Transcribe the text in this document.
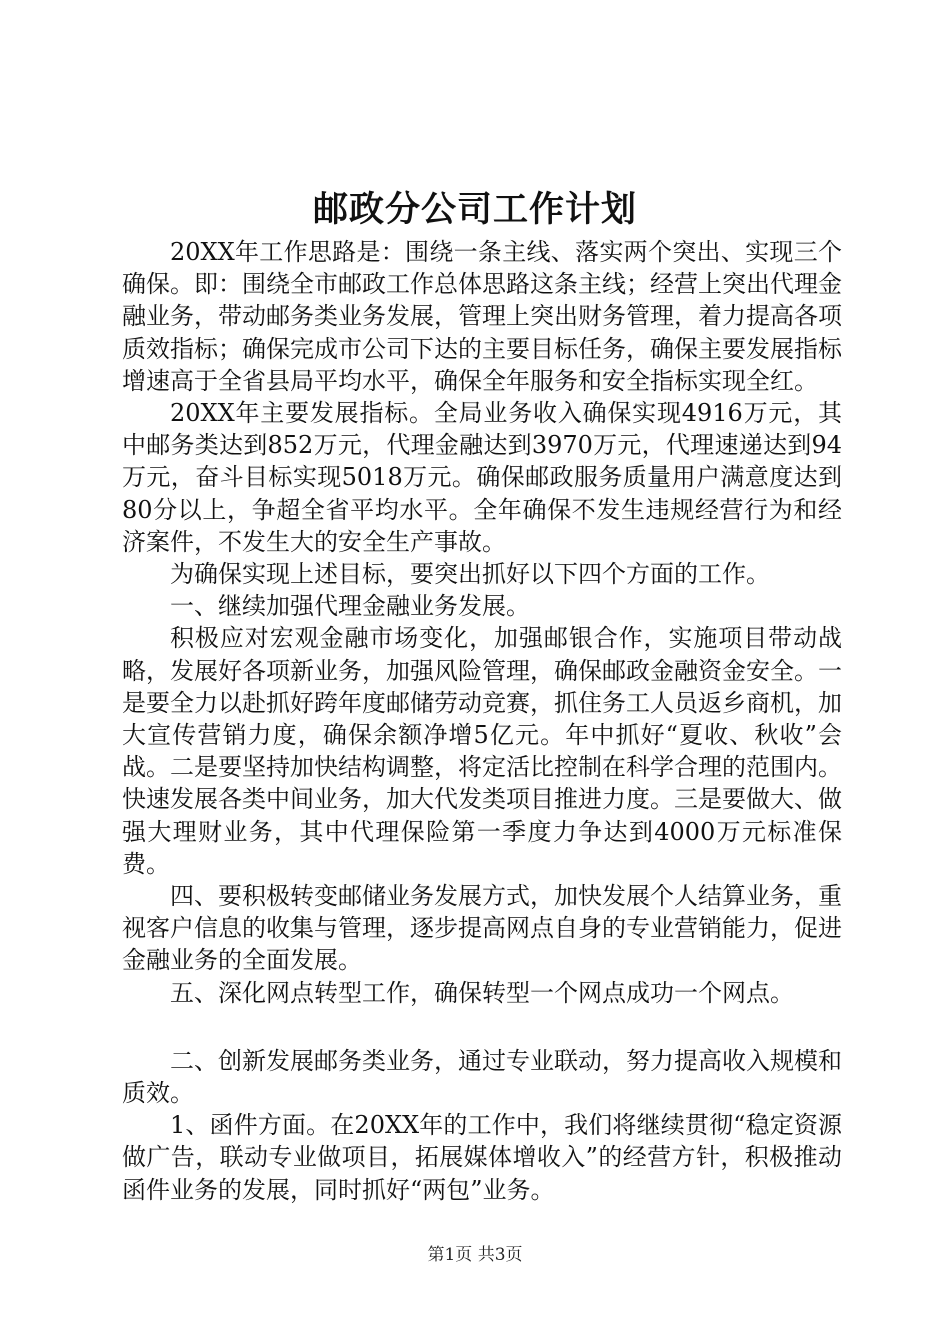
邮政分公司工作计划

20XX年工作思路是：围绕一条主线、落实两个突出、实现三个确保。即：围绕全市邮政工作总体思路这条主线；经营上突出代理金融业务，带动邮务类业务发展，管理上突出财务管理，着力提高各项质效指标；确保完成市公司下达的主要目标任务，确保主要发展指标增速高于全省县局平均水平，确保全年服务和安全指标实现全红。

20XX年主要发展指标。全局业务收入确保实现4916万元，其中邮务类达到852万元，代理金融达到3970万元，代理速递达到94万元，奋斗目标实现5018万元。确保邮政服务质量用户满意度达到80分以上，争超全省平均水平。全年确保不发生违规经营行为和经济案件，不发生大的安全生产事故。

为确保实现上述目标，要突出抓好以下四个方面的工作。

一、继续加强代理金融业务发展。

积极应对宏观金融市场变化，加强邮银合作，实施项目带动战略，发展好各项新业务，加强风险管理，确保邮政金融资金安全。一是要全力以赴抓好跨年度邮储劳动竞赛，抓住务工人员返乡商机，加大宣传营销力度，确保余额净增5亿元。年中抓好“夏收、秋收”会战。二是要坚持加快结构调整，将定活比控制在科学合理的范围内。快速发展各类中间业务，加大代发类项目推进力度。三是要做大、做强大理财业务，其中代理保险第一季度力争达到4000万元标准保费。

四、要积极转变邮储业务发展方式，加快发展个人结算业务，重视客户信息的收集与管理，逐步提高网点自身的专业营销能力，促进金融业务的全面发展。

五、深化网点转型工作，确保转型一个网点成功一个网点。

二、创新发展邮务类业务，通过专业联动，努力提高收入规模和质效。

1、函件方面。在20XX年的工作中，我们将继续贯彻“稳定资源做广告，联动专业做项目，拓展媒体增收入”的经营方针，积极推动函件业务的发展，同时抓好“两包”业务。

第1页 共3页
